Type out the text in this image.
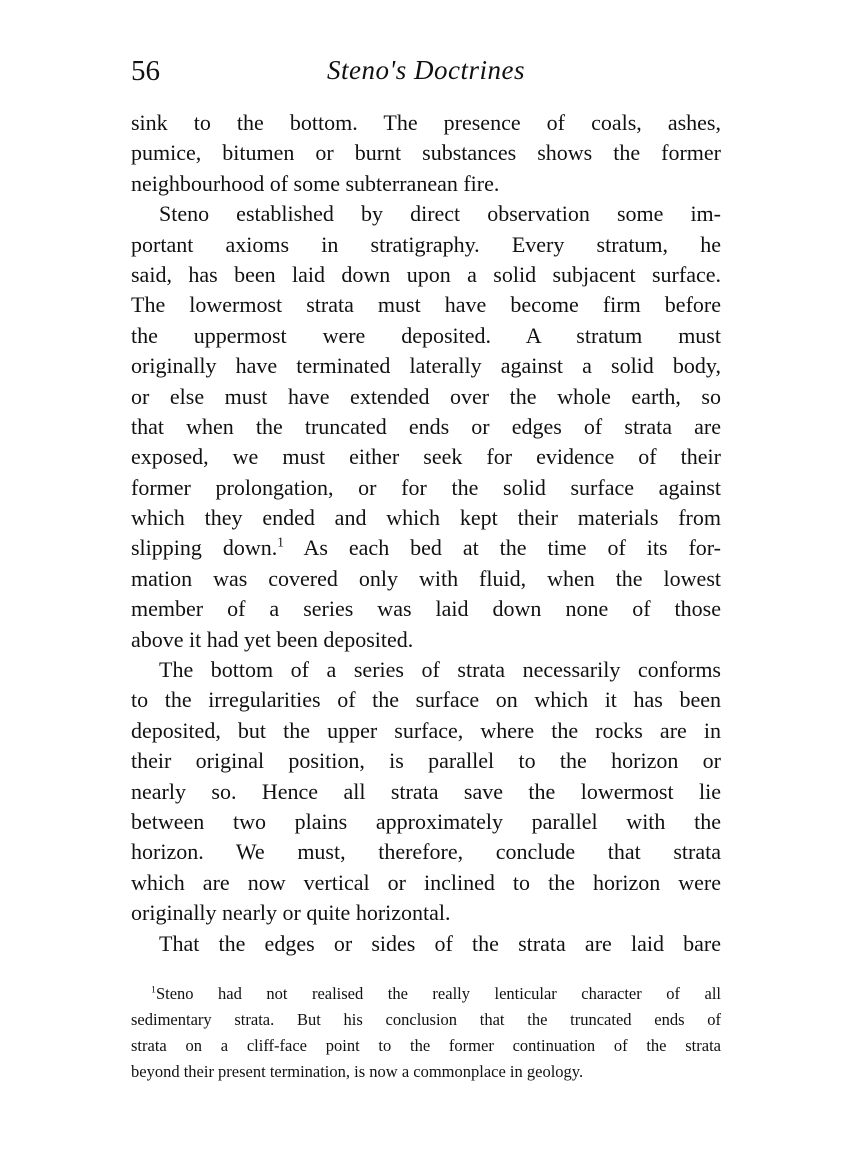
56	Steno's Doctrines
sink to the bottom. The presence of coals, ashes,
pumice, bitumen or burnt substances shows the former
neighbourhood of some subterranean fire.
Steno established by direct observation some im-
portant axioms in stratigraphy. Every stratum, he
said, has been laid down upon a solid subjacent surface.
The lowermost strata must have become firm before
the uppermost were deposited. A stratum must
originally have terminated laterally against a solid body,
or else must have extended over the whole earth, so
that when the truncated ends or edges of strata are
exposed, we must either seek for evidence of their
former prolongation, or for the solid surface against
which they ended and which kept their materials from
slipping down.$^1$ As each bed at the time of its for-
mation was covered only with fluid, when the lowest
member of a series was laid down none of those
above it had yet been deposited.
The bottom of a series of strata necessarily conforms
to the irregularities of the surface on which it has been
deposited, but the upper surface, where the rocks are in
their original position, is parallel to the horizon or
nearly so. Hence all strata save the lowermost lie
between two plains approximately parallel with the
horizon. We must, therefore, conclude that strata
which are now vertical or inclined to the horizon were
originally nearly or quite horizontal.
That the edges or sides of the strata are laid bare
$^1$Steno had not realised the really lenticular character of all
sedimentary strata. But his conclusion that the truncated ends of
strata on a cliff-face point to the former continuation of the strata
beyond their present termination, is now a commonplace in geology.
